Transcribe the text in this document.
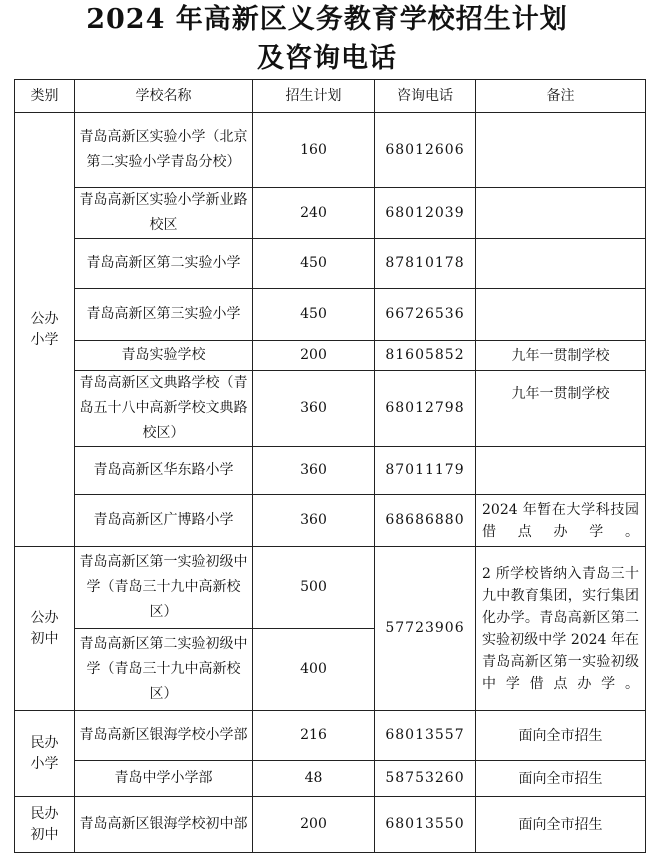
2024 年高新区义务教育学校招生计划
及咨询电话
类别	学校名称	招生计划	咨询电话	备注

公办小学	青岛高新区实验小学（北京第二实验小学青岛分校）	160	68012606	
	青岛高新区实验小学新业路校区	240	68012039	
	青岛高新区第二实验小学	450	87810178	
	青岛高新区第三实验小学	450	66726536	
	青岛实验学校	200	81605852	九年一贯制学校
	青岛高新区文典路学校（青岛五十八中高新学校文典路校区）	360	68012798	九年一贯制学校
	青岛高新区华东路小学	360	87011179	
	青岛高新区广博路小学	360	68686880	2024 年暂在大学科技园借点办学。

公办初中	青岛高新区第一实验初级中学（青岛三十九中高新校区）	500	57723906	2 所学校皆纳入青岛三十九中教育集团，实行集团化办学。青岛高新区第二实验初级中学 2024 年在青岛高新区第一实验初级中学借点办学。
	青岛高新区第二实验初级中学（青岛三十九中高新校区）	400		

民办小学	青岛高新区银海学校小学部	216	68013557	面向全市招生
	青岛中学小学部	48	58753260	面向全市招生

民办初中	青岛高新区银海学校初中部	200	68013550	面向全市招生
